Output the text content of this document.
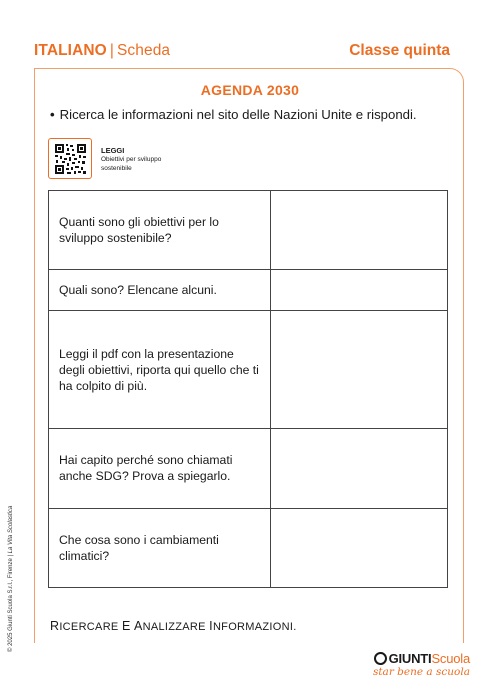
ITALIANO | Scheda	Classe quinta
AGENDA 2030
• Ricerca le informazioni nel sito delle Nazioni Unite e rispondi.
LEGGI
Obiettivi per sviluppo sostenibile
Quanti sono gli obiettivi per lo sviluppo sostenibile?	
Quali sono? Elencane alcuni.	
Leggi il pdf con la presentazione degli obiettivi, riporta qui quello che ti ha colpito di più.	
Hai capito perché sono chiamati anche SDG? Prova a spiegarlo.	
Che cosa sono i cambiamenti climatici?	
RICERCARE E ANALIZZARE INFORMAZIONI.
© 2025 Giunti Scuola S.r.l., Firenze | La Vita Scolastica
GIUNTIScuola
star bene a scuola
